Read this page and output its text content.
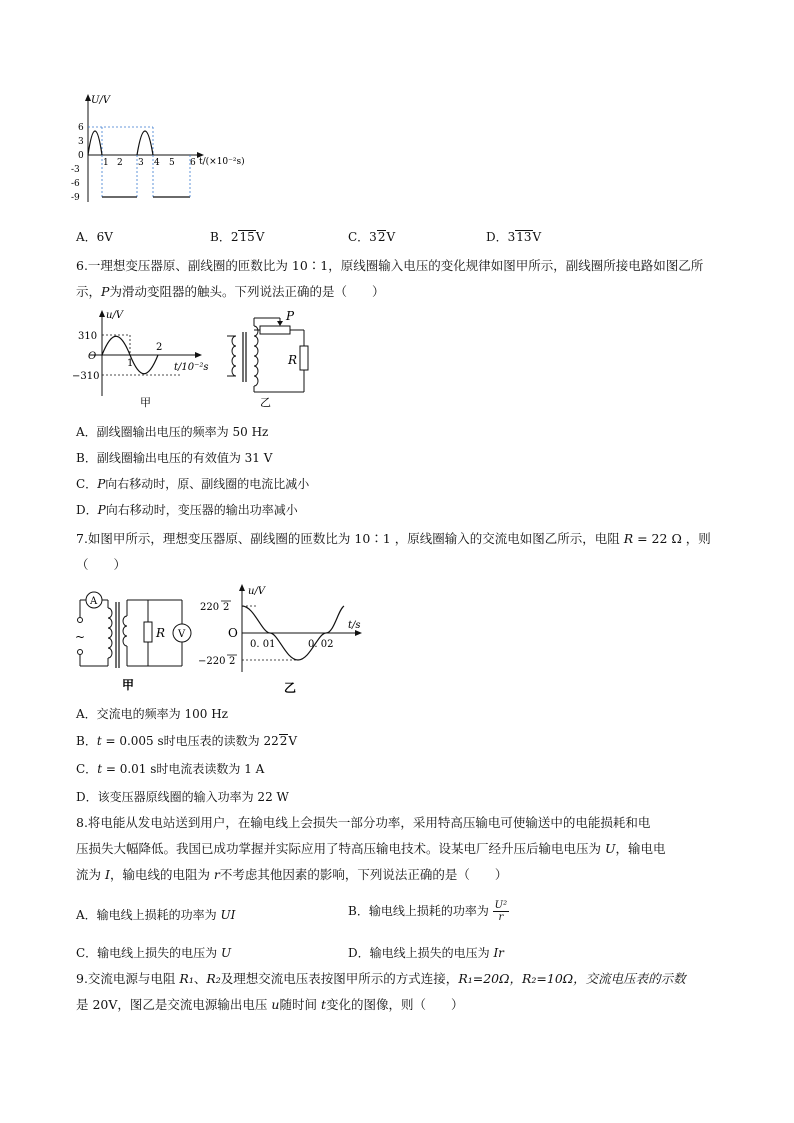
U/V
6
3
0
-3
-6
-9
1 2 3 4 5 6 t/(×10⁻²s)
A．6V	B．215V	C．32V	D．313V
6.一理想变压器原、副线圈的匝数比为 10∶1，原线圈输入电压的变化规律如图甲所示，副线圈所接电路如图乙所示，P为滑动变阻器的触头。下列说法正确的是（　　）
u/V
310
O
−310
1
2
t/10⁻²s
甲
P
R
乙
A．副线圈输出电压的频率为 50 Hz
B．副线圈输出电压的有效值为 31 V
C．P向右移动时，原、副线圈的电流比减小
D．P向右移动时，变压器的输出功率减小
7.如图甲所示，理想变压器原、副线圈的匝数比为 10∶1 ，原线圈输入的交流电如图乙所示，电阻 R = 22 Ω ，则（　　）
~
A
R V
甲
u/V
220 2
O
−220 2
0. 01	0. 02
t/s
乙
A．交流电的频率为 100 Hz
B．t = 0.005 s时电压表的读数为 222V
C．t = 0.01 s时电流表读数为 1 A
D．该变压器原线圈的输入功率为 22 W
8.将电能从发电站送到用户，在输电线上会损失一部分功率，采用特高压输电可使输送中的电能损耗和电
压损失大幅降低。我国已成功掌握并实际应用了特高压输电技术。设某电厂经升压后输电电压为 U，输电电
流为 I，输电线的电阻为 r不考虑其他因素的影响，下列说法正确的是（　　）
A．输电线上损耗的功率为 UI	B．输电线上损耗的功率为 $\frac{\text{U²}}{r}$
C．输电线上损失的电压为 U	D．输电线上损失的电压为 Ir
9.交流电源与电阻 R₁、R₂及理想交流电压表按图甲所示的方式连接，R₁=20Ω，R₂=10Ω，交流电压表的示数
是 20V，图乙是交流电源输出电压 u随时间 t变化的图像，则（　　）
